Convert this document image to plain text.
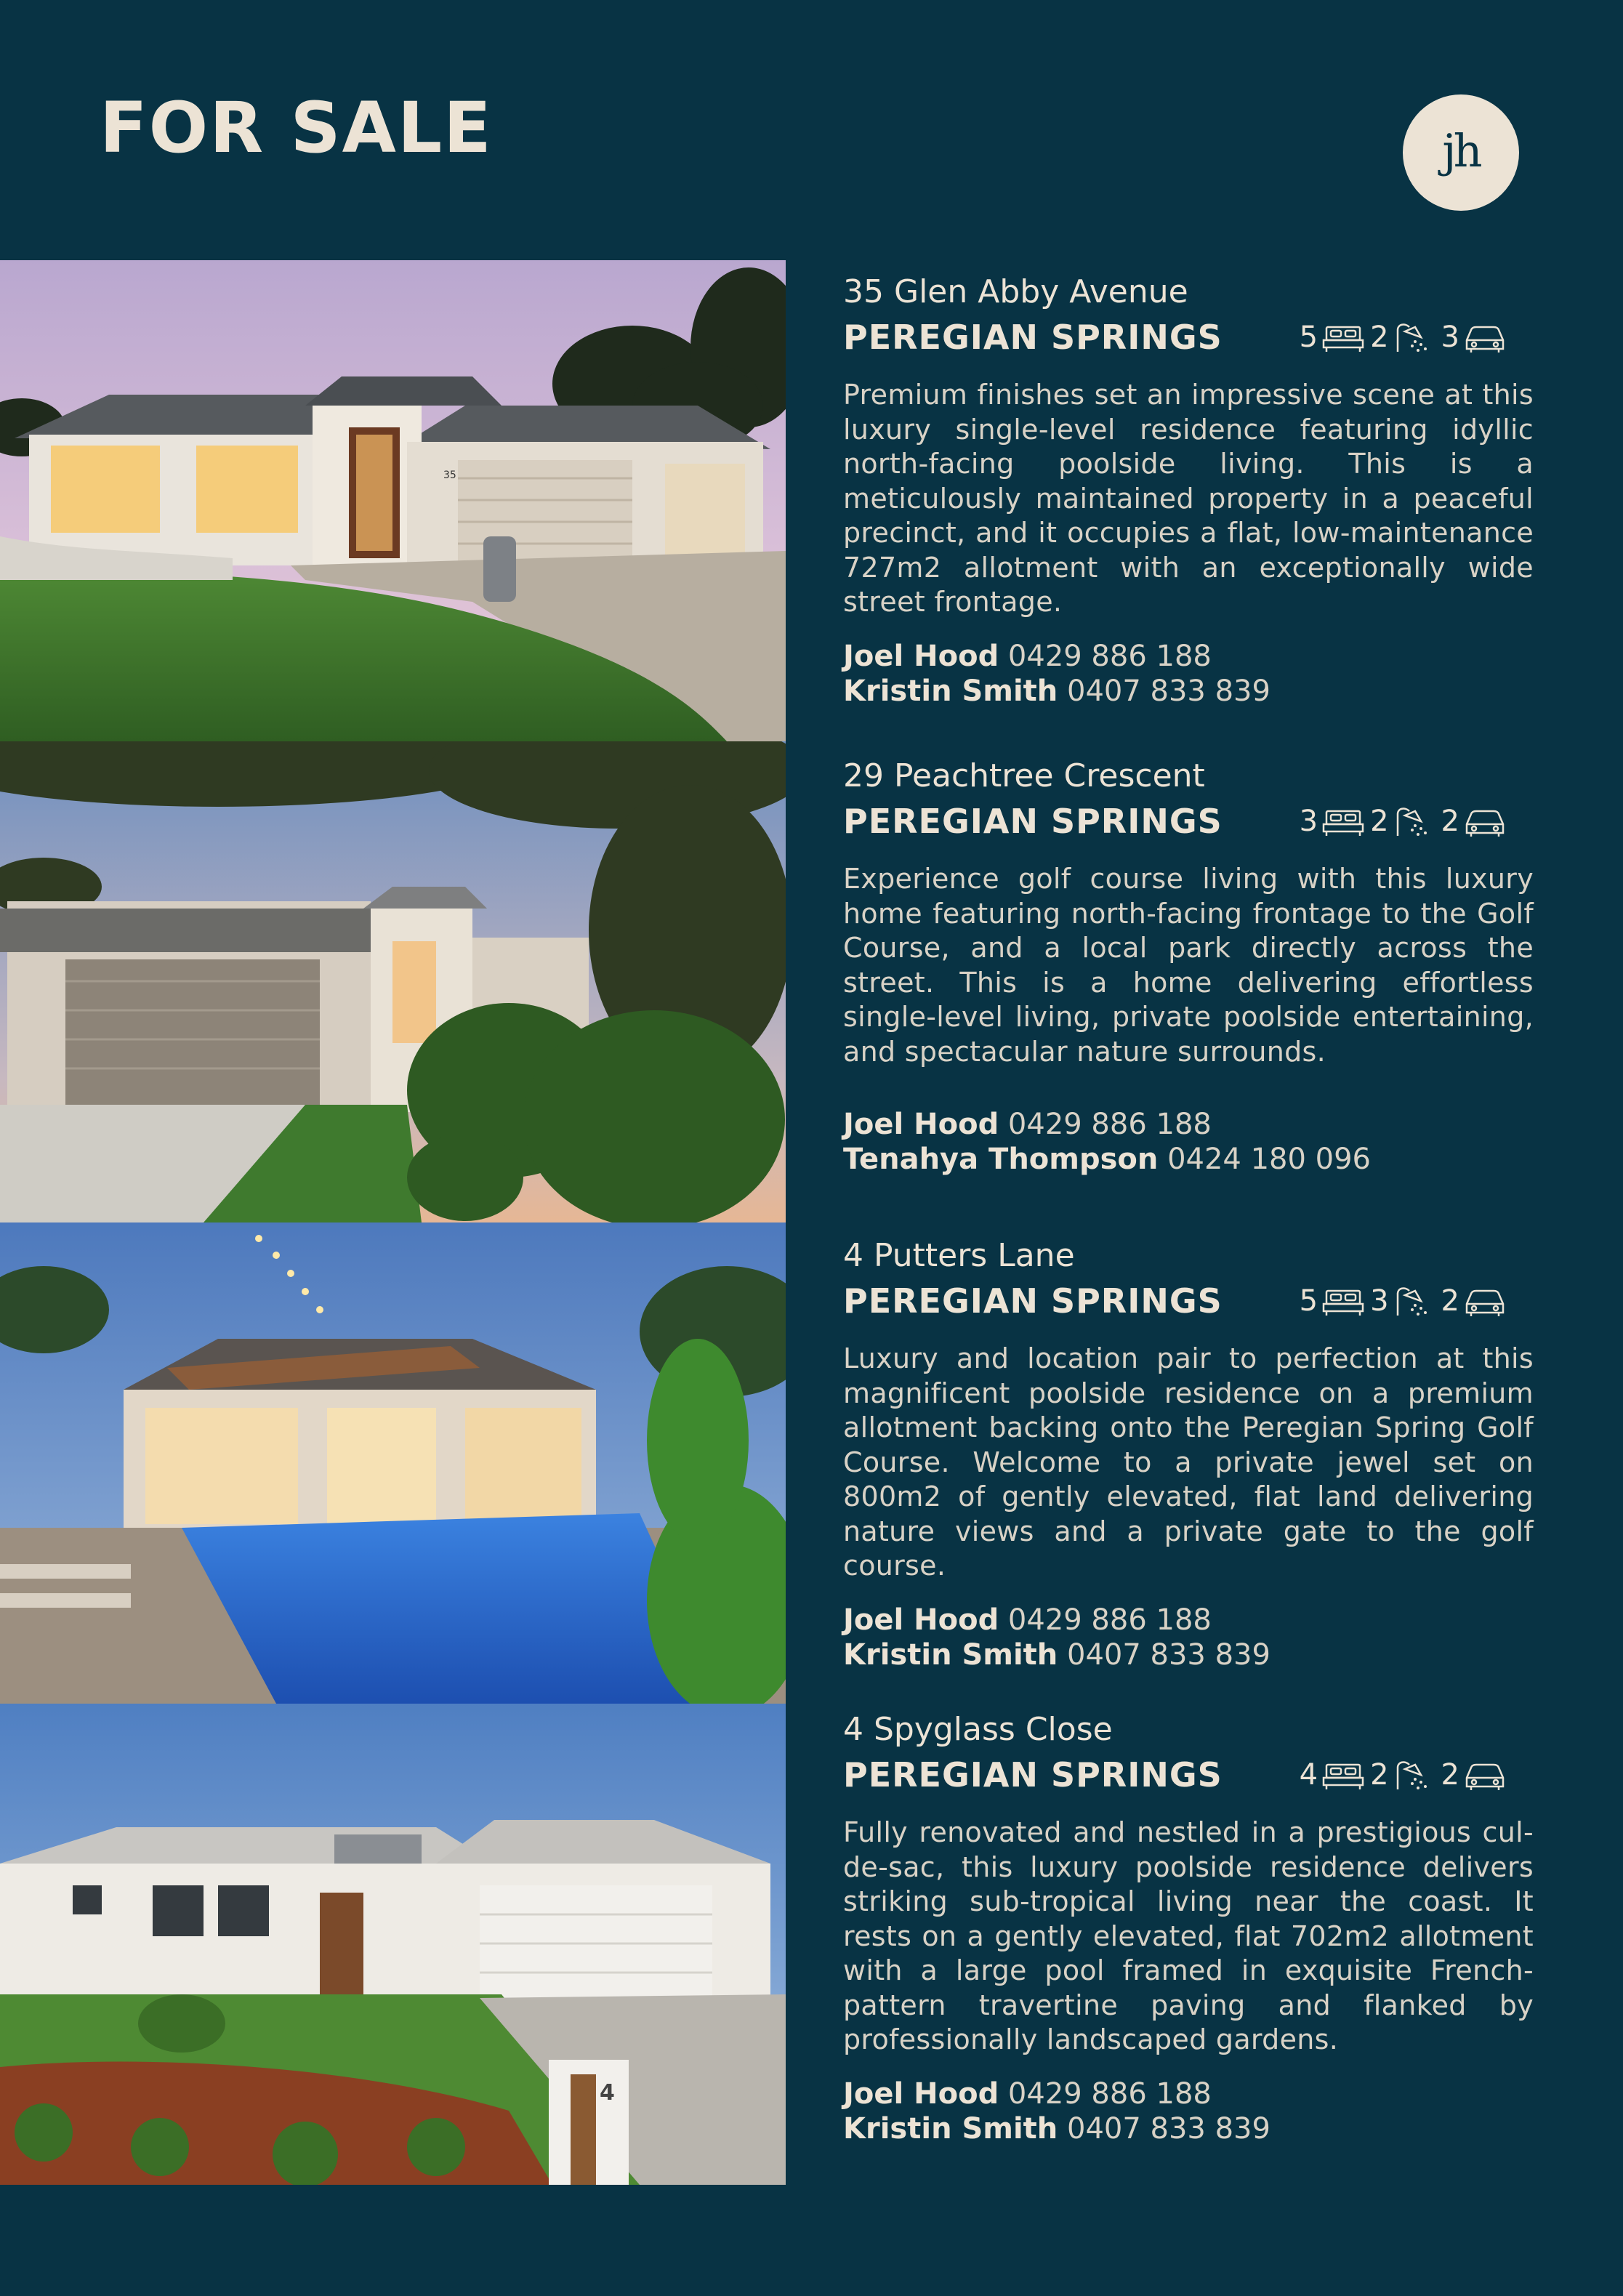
FOR SALE	jh
35
4
35 Glen Abby Avenue
PEREGIAN SPRINGS	5 2 3
Premium finishes set an impressive scene at this luxury single-level residence featuring idyllic north-facing poolside living. This is a meticulously maintained property in a peaceful precinct, and it occupies a flat, low-maintenance 727m2 allotment with an exceptionally wide street frontage.
Joel Hood 0429 886 188
Kristin Smith 0407 833 839
29 Peachtree Crescent
PEREGIAN SPRINGS	3 2 2
Experience golf course living with this luxury home featuring north-facing frontage to the Golf Course, and a local park directly across the street. This is a home delivering effortless single-level living, private poolside entertaining, and spectacular nature surrounds.
Joel Hood 0429 886 188
Tenahya Thompson 0424 180 096
4 Putters Lane
PEREGIAN SPRINGS	5 3 2
Luxury and location pair to perfection at this magnificent poolside residence on a premium allotment backing onto the Peregian Spring Golf Course. Welcome to a private jewel set on 800m2 of gently elevated, flat land delivering nature views and a private gate to the golf course.
Joel Hood 0429 886 188
Kristin Smith 0407 833 839
4 Spyglass Close
PEREGIAN SPRINGS	4 2 2
Fully renovated and nestled in a prestigious cul-de-sac, this luxury poolside residence delivers striking sub-tropical living near the coast. It rests on a gently elevated, flat 702m2 allotment with a large pool framed in exquisite French-pattern travertine paving and flanked by professionally landscaped gardens.
Joel Hood 0429 886 188
Kristin Smith 0407 833 839
